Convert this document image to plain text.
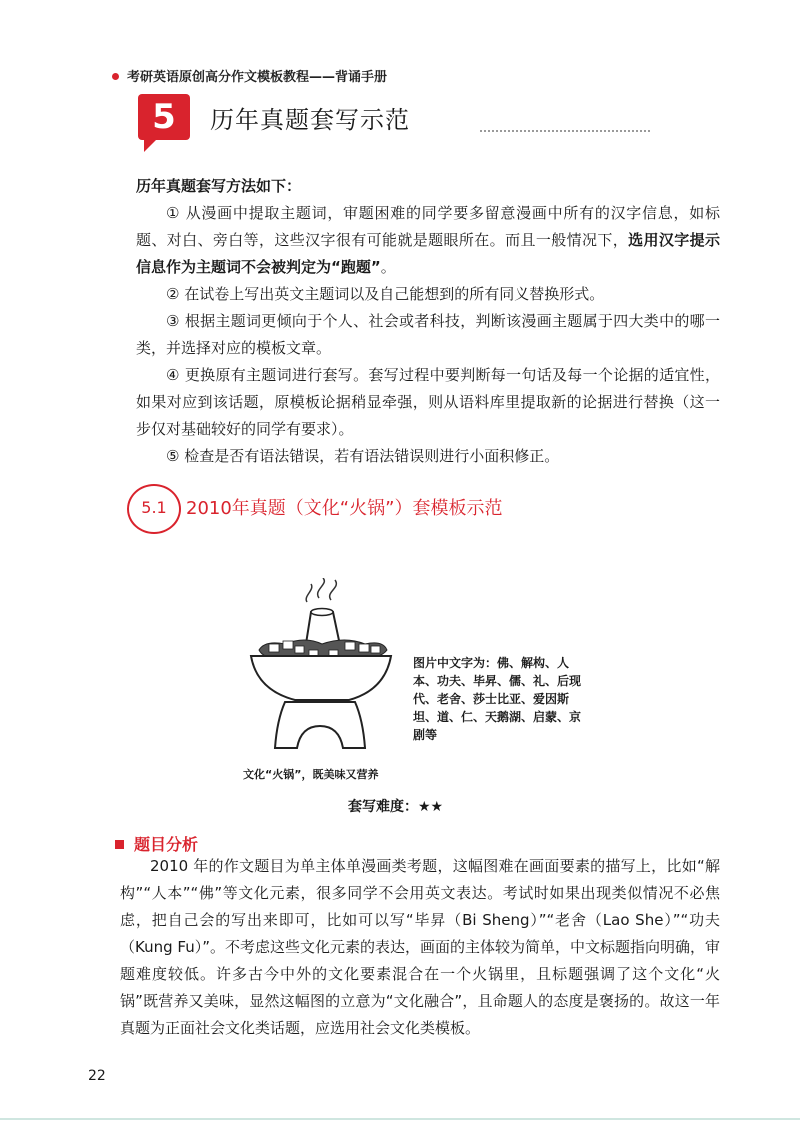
考研英语原创高分作文模板教程——背诵手册
5	历年真题套写示范

历年真题套写方法如下：

① 从漫画中提取主题词，审题困难的同学要多留意漫画中所有的汉字信息，如标题、对白、旁白等，这些汉字很有可能就是题眼所在。而且一般情况下，选用汉字提示信息作为主题词不会被判定为“跑题”。

② 在试卷上写出英文主题词以及自己能想到的所有同义替换形式。

③ 根据主题词更倾向于个人、社会或者科技，判断该漫画主题属于四大类中的哪一类，并选择对应的模板文章。

④ 更换原有主题词进行套写。套写过程中要判断每一句话及每一个论据的适宜性，如果对应到该话题，原模板论据稍显牵强，则从语料库里提取新的论据进行替换（这一步仅对基础较好的同学有要求）。

⑤ 检查是否有语法错误，若有语法错误则进行小面积修正。

5.1	2010年真题（文化“火锅”）套模板示范
文化“火锅”，既美味又营养
图片中文字为：佛、解构、人本、功夫、毕昇、儒、礼、后现代、老舍、莎士比亚、爱因斯坦、道、仁、天鹅湖、启蒙、京剧等
套写难度：★★
题目分析

2010 年的作文题目为单主体单漫画类考题，这幅图难在画面要素的描写上，比如“解构”“人本”“佛”等文化元素，很多同学不会用英文表达。考试时如果出现类似情况不必焦虑，把自己会的写出来即可，比如可以写“毕昇（Bi Sheng）”“老舍（Lao She）”“功夫（Kung Fu）”。不考虑这些文化元素的表达，画面的主体较为简单，中文标题指向明确，审题难度较低。许多古今中外的文化要素混合在一个火锅里，且标题强调了这个文化“火锅”既营养又美味，显然这幅图的立意为“文化融合”，且命题人的态度是褒扬的。故这一年真题为正面社会文化类话题，应选用社会文化类模板。

22
